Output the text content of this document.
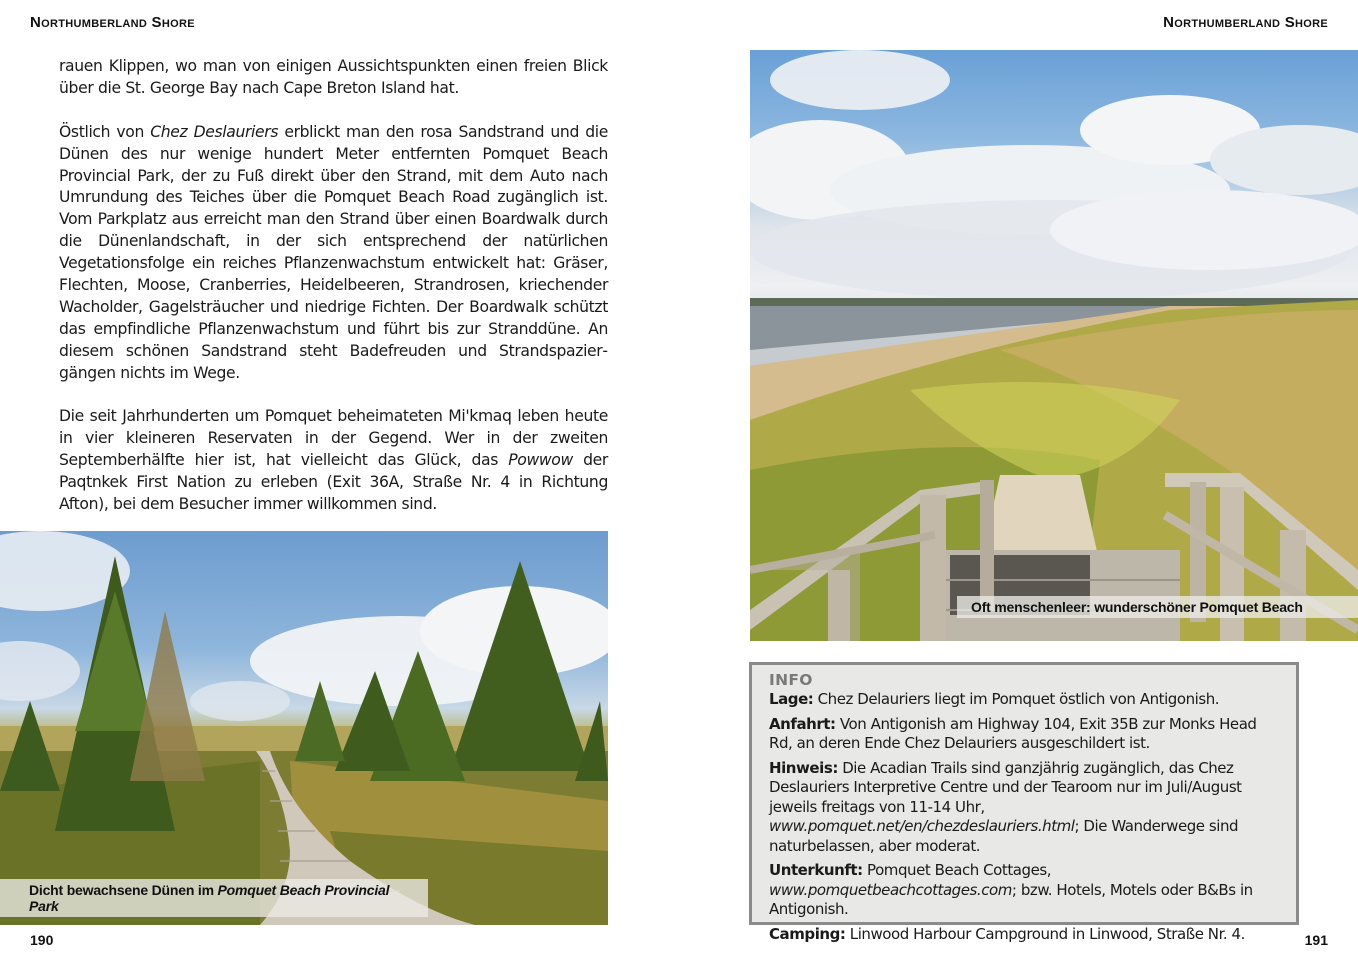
Northumberland Shore

rauen Klippen, wo man von einigen Aussichtspunkten einen freien Blick über die St. George Bay nach Cape Breton Island hat.

Östlich von Chez Deslauriers erblickt man den rosa Sandstrand und die Dünen des nur wenige hundert Meter entfernten Pomquet Beach Provincial Park, der zu Fuß direkt über den Strand, mit dem Auto nach Umrundung des Teiches über die Pomquet Beach Road zugänglich ist. Vom Parkplatz aus erreicht man den Strand über einen Boardwalk durch die Dünenlandschaft, in der sich entsprechend der natürlichen Vegetationsfolge ein reiches Pflanzenwachstum entwickelt hat: Gräser, Flechten, Moose, Cranberries, Heidelbeeren, Strandrosen, kriechender Wacholder, Gagelsträucher und niedrige Fichten. Der Boardwalk schützt das empfindliche Pflanzenwachstum und führt bis zur Stranddüne. An diesem schönen Sandstrand steht Badefreuden und Strandspaziergängen nichts im Wege.

Die seit Jahrhunderten um Pomquet beheimateten Mi'kmaq leben heute in vier kleineren Reservaten in der Gegend. Wer in der zweiten Septemberhälfte hier ist, hat vielleicht das Glück, das Powwow der Paqtnkek First Nation zu erleben (Exit 36A, Straße Nr. 4 in Richtung Afton), bei dem Besucher immer willkommen sind.

Dicht bewachsene Dünen im Pomquet Beach Provincial Park
190
Northumberland Shore
Oft menschenleer: wunderschöner Pomquet Beach
INFO
Lage: Chez Delauriers liegt im Pomquet östlich von Antigonish.
Anfahrt: Von Antigonish am Highway 104, Exit 35B zur Monks Head Rd, an deren Ende Chez Delauriers ausgeschildert ist.
Hinweis: Die Acadian Trails sind ganzjährig zugänglich, das Chez Deslauriers Interpretive Centre und der Tearoom nur im Juli/August jeweils freitags von 11-14 Uhr, www.pomquet.net/en/chezdeslauriers.html; Die Wanderwege sind naturbelassen, aber moderat.
Unterkunft: Pomquet Beach Cottages, www.pomquetbeachcottages.com; bzw. Hotels, Motels oder B&Bs in Antigonish.
Camping: Linwood Harbour Campground in Linwood, Straße Nr. 4.	191
